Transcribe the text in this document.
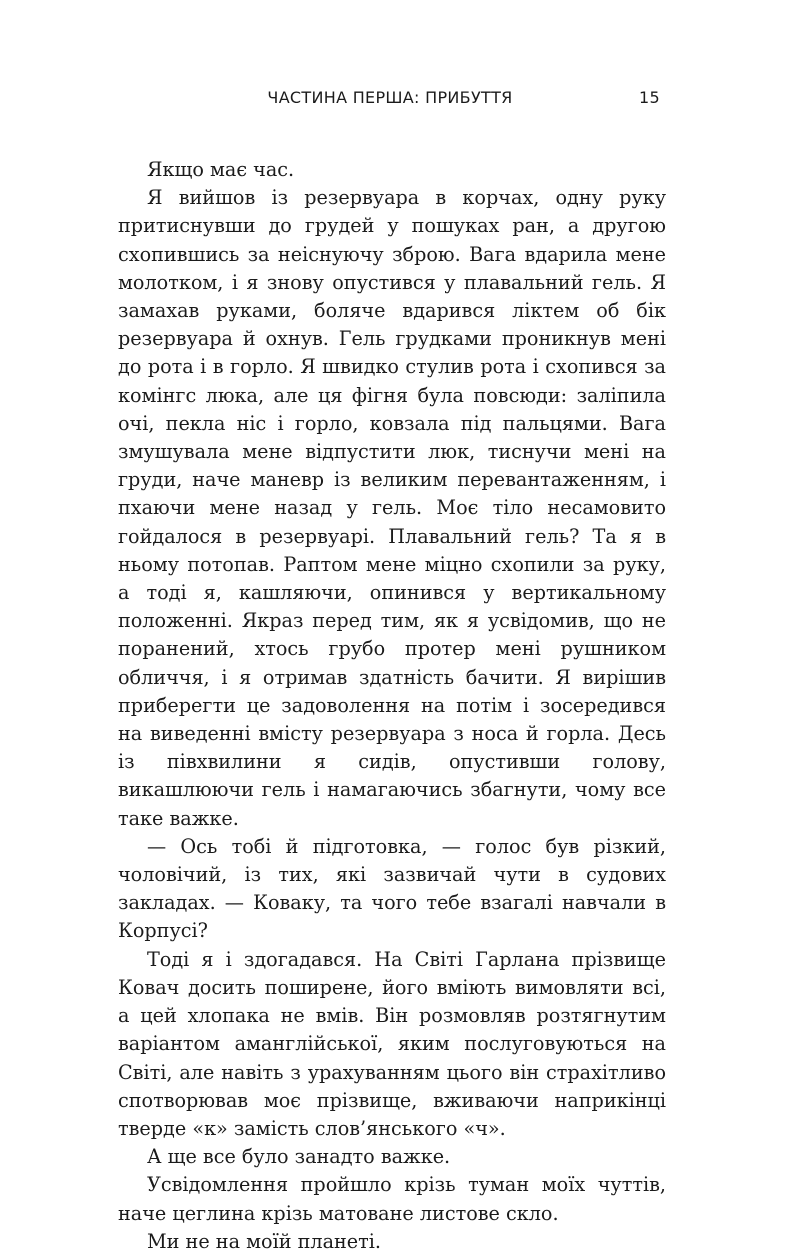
ЧАСТИНА ПЕРША: ПРИБУТТЯ	15

Якщо має час.

Я вийшов із резервуара в корчах, одну руку притиснувши до грудей у пошуках ран, а другою схопившись за неіснуючу зброю. Вага вдарила мене молотком, і я знову опустився у плавальний гель. Я замахав руками, боляче вдарився ліктем об бік резервуара й охнув. Гель грудками проникнув мені до рота і в горло. Я швидко стулив рота і схопився за комінгс люка, але ця фігня була повсюди: заліпила очі, пекла ніс і горло, ковзала під пальцями. Вага змушувала мене відпустити люк, тиснучи мені на груди, наче маневр із великим перевантаженням, і пхаючи мене назад у гель. Моє тіло несамовито гойдалося в резервуарі. Плавальний гель? Та я в ньому потопав. Раптом мене міцно схопили за руку, а тоді я, кашляючи, опинився у вертикальному положенні. Якраз перед тим, як я усвідомив, що не поранений, хтось грубо протер мені рушником обличчя, і я отримав здатність бачити. Я вирішив приберегти це задоволення на потім і зосередився на виведенні вмісту резервуара з носа й горла. Десь із півхвилини я сидів, опустивши голову, викашлюючи гель і намагаючись збагнути, чому все таке важке.

— Ось тобі й підготовка, — голос був різкий, чоловічий, із тих, які зазвичай чути в судових закладах. — Коваку, та чого тебе взагалі навчали в Корпусі?

Тоді я і здогадався. На Світі Гарлана прізвище Ковач досить поширене, його вміють вимовляти всі, а цей хлопака не вмів. Він розмовляв розтягнутим варіантом аманглійської, яким послуговуються на Світі, але навіть з урахуванням цього він страхітливо спотворював моє прізвище, вживаючи наприкінці тверде «к» замість слов’янського «ч».

А ще все було занадто важке.

Усвідомлення пройшло крізь туман моїх чуттів, наче цеглина крізь матоване листове скло.

Ми не на моїй планеті.
